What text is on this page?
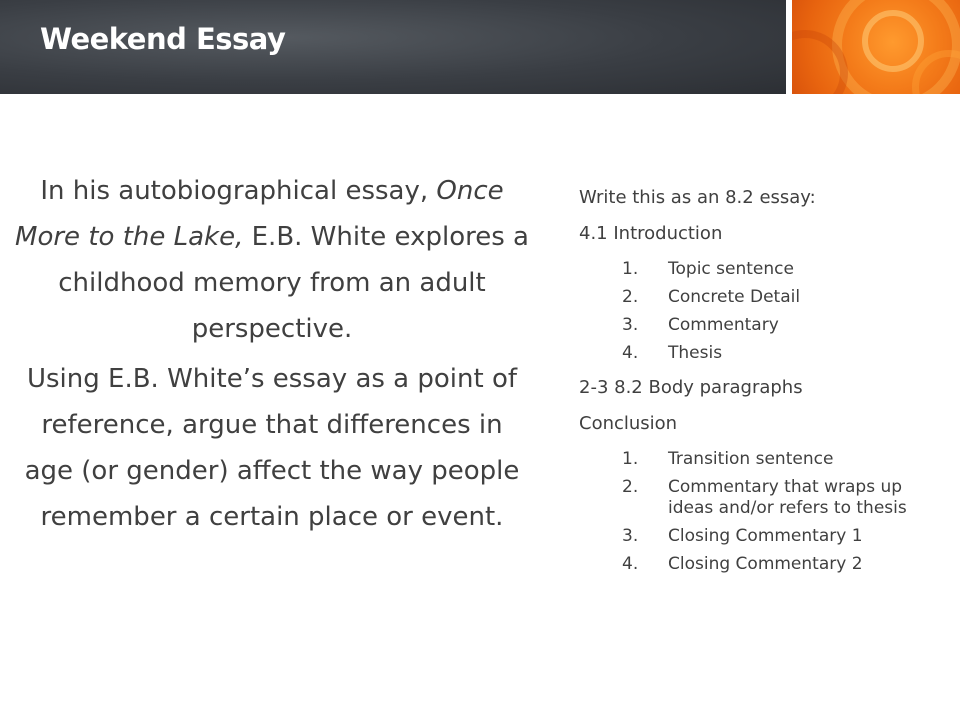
Weekend Essay

In his autobiographical essay, Once More to the Lake, E.B. White explores a childhood memory from an adult perspective.

Using E.B. White’s essay as a point of reference, argue that differences in age (or gender) affect the way people remember a certain place or event.

Write this as an 8.2 essay:

4.1 Introduction

1. Topic sentence
2. Concrete Detail
3. Commentary
4. Thesis

2-3 8.2 Body paragraphs

Conclusion

1. Transition sentence
2. Commentary that wraps up ideas and/or refers to thesis
3. Closing Commentary 1
4. Closing Commentary 2
